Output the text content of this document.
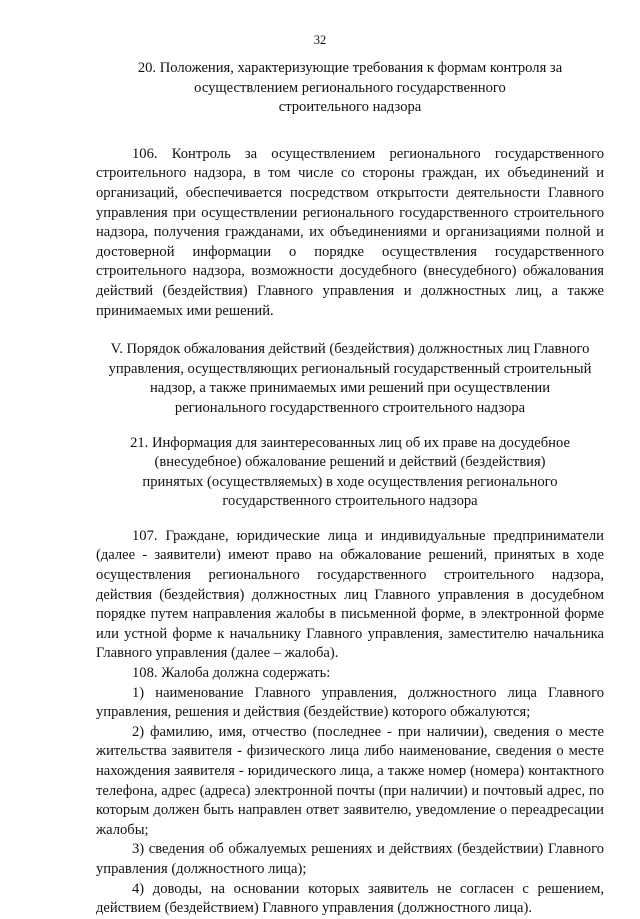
32
20. Положения, характеризующие требования к формам контроля за
осуществлением регионального государственного
строительного надзора

106. Контроль за осуществлением регионального государственного строительного надзора, в том числе со стороны граждан, их объединений и организаций, обеспечивается посредством открытости деятельности Главного управления при осуществлении регионального государственного строительного надзора, получения гражданами, их объединениями и организациями полной и достоверной информации о порядке осуществления государственного строительного надзора, возможности досудебного (внесудебного) обжалования действий (бездействия) Главного управления и должностных лиц, а также принимаемых ими решений.

V. Порядок обжалования действий (бездействия) должностных лиц Главного
управления, осуществляющих региональный государственный строительный
надзор, а также принимаемых ими решений при осуществлении
регионального государственного строительного надзора
21. Информация для заинтересованных лиц об их праве на досудебное
(внесудебное) обжалование решений и действий (бездействия)
принятых (осуществляемых) в ходе осуществления регионального
государственного строительного надзора

107. Граждане, юридические лица и индивидуальные предприниматели (далее - заявители) имеют право на обжалование решений, принятых в ходе осуществления регионального государственного строительного надзора, действия (бездействия) должностных лиц Главного управления в досудебном порядке путем направления жалобы в письменной форме, в электронной форме или устной форме к начальнику Главного управления, заместителю начальника Главного управления (далее – жалоба).

108. Жалоба должна содержать:

1) наименование Главного управления, должностного лица Главного управления, решения и действия (бездействие) которого обжалуются;

2) фамилию, имя, отчество (последнее - при наличии), сведения о месте жительства заявителя - физического лица либо наименование, сведения о месте нахождения заявителя - юридического лица, а также номер (номера) контактного телефона, адрес (адреса) электронной почты (при наличии) и почтовый адрес, по которым должен быть направлен ответ заявителю, уведомление о переадресации жалобы;

3) сведения об обжалуемых решениях и действиях (бездействии) Главного управления (должностного лица);

4) доводы, на основании которых заявитель не согласен с решением, действием (бездействием) Главного управления (должностного лица).
